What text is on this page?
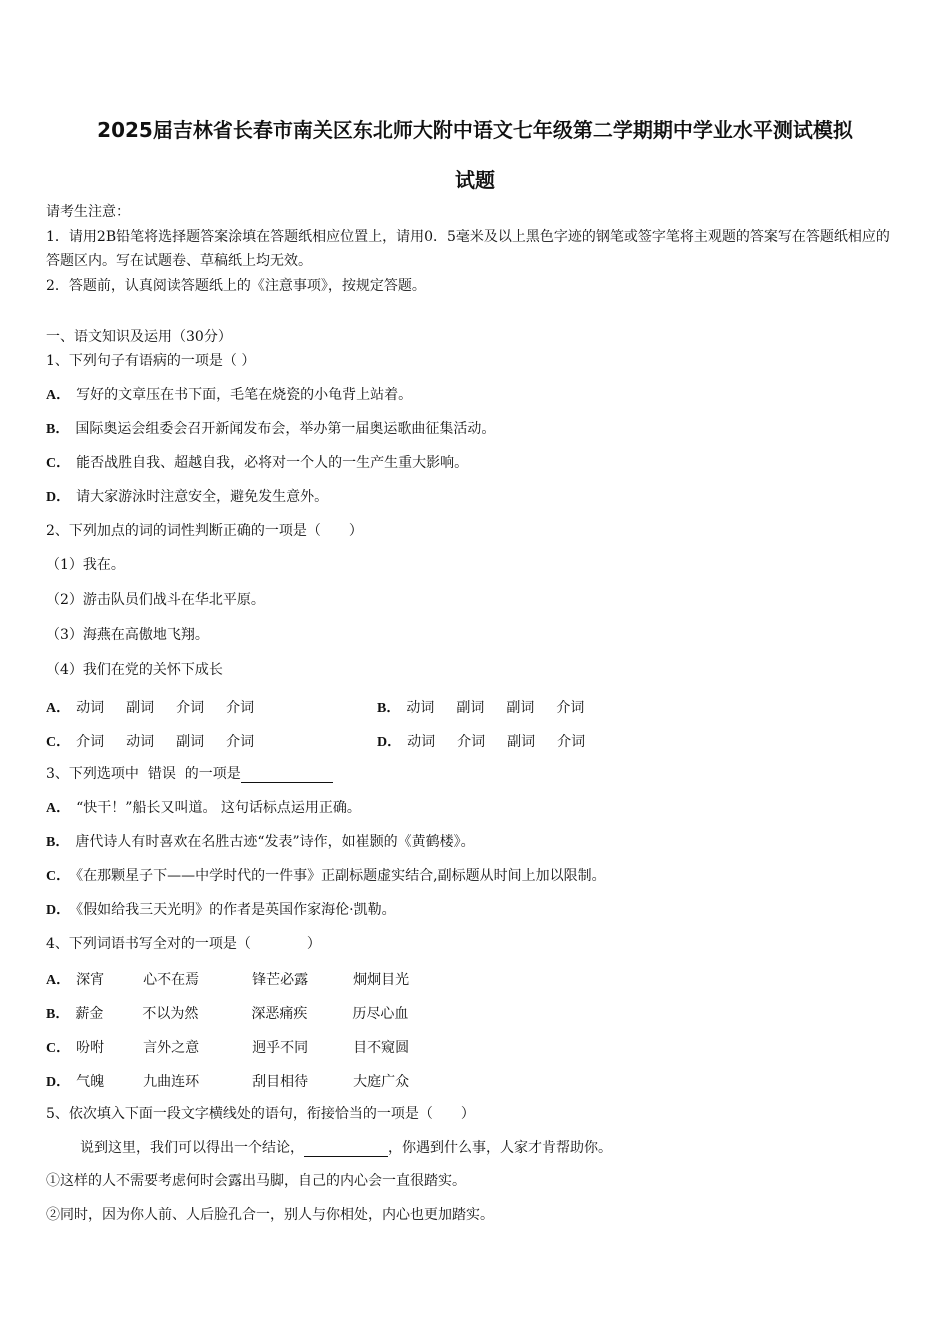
2025届吉林省长春市南关区东北师大附中语文七年级第二学期期中学业水平测试模拟
试题
请考生注意：
1．请用2B铅笔将选择题答案涂填在答题纸相应位置上，请用0．5毫米及以上黑色字迹的钢笔或签字笔将主观题的答案写在答题纸相应的答题区内。写在试题卷、草稿纸上均无效。
2．答题前，认真阅读答题纸上的《注意事项》，按规定答题。
一、语文知识及运用（30分）
1、下列句子有语病的一项是（ ）
A． 写好的文章压在书下面，毛笔在烧瓷的小龟背上站着。
B． 国际奥运会组委会召开新闻发布会，举办第一届奥运歌曲征集活动。
C． 能否战胜自我、超越自我，必将对一个人的一生产生重大影响。
D． 请大家游泳时注意安全，避免发生意外。
2、下列加点的词的词性判断正确的一项是（　　）
（1）我在。
（2）游击队员们战斗在华北平原。
（3）海燕在高傲地飞翔。
（4）我们在党的关怀下成长
A． 动词 副词 介词 介词	B． 动词 副词 副词 介词
C． 介词 动词 副词 介词	D． 动词 介词 副词 介词
3、下列选项中 错误 的一项是
A． “快干！”船长又叫道。 这句话标点运用正确。
B． 唐代诗人有时喜欢在名胜古迹“发表”诗作，如崔颢的《黄鹤楼》。
C． 《在那颗星子下——中学时代的一件事》正副标题虚实结合,副标题从时间上加以限制。
D． 《假如给我三天光明》的作者是英国作家海伦·凯勒。
4、下列词语书写全对的一项是（　　　　）
A． 深宵	心不在焉	锋芒必露	炯炯目光
B． 薪金	不以为然	深恶痛疾	历尽心血
C． 吩咐	言外之意	迥乎不同	目不窥圆
D． 气魄	九曲连环	刮目相待	大庭广众
5、依次填入下面一段文字横线处的语句，衔接恰当的一项是（　　）
说到这里，我们可以得出一个结论，	，你遇到什么事，人家才肯帮助你。
①这样的人不需要考虑何时会露出马脚，自己的内心会一直很踏实。
②同时，因为你人前、人后脸孔合一，别人与你相处，内心也更加踏实。
